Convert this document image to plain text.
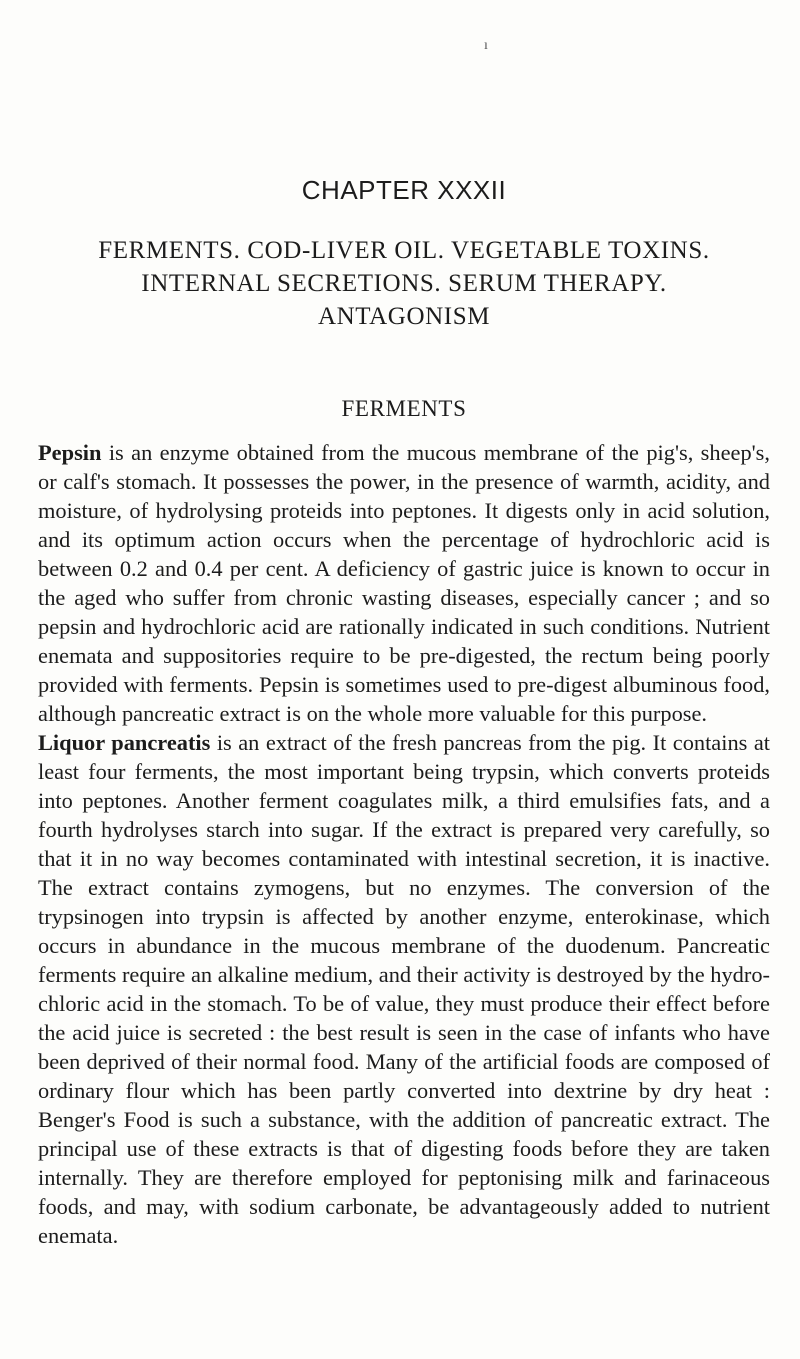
ı
CHAPTER XXXII
FERMENTS. COD-LIVER OIL. VEGETABLE TOXINS.
INTERNAL SECRETIONS. SERUM THERAPY.
ANTAGONISM
FERMENTS

Pepsin is an enzyme obtained from the mucous membrane of the pig's, sheep's, or calf's stomach. It possesses the power, in the presence of warmth, acidity, and moisture, of hydrolysing proteids into peptones. It digests only in acid solution, and its optimum action occurs when the percentage of hydrochloric acid is between 0.2 and 0.4 per cent. A deficiency of gastric juice is known to occur in the aged who suffer from chronic wasting diseases, especially cancer ; and so pepsin and hydrochloric acid are rationally indicated in such conditions. Nutrient enemata and suppositories require to be pre-digested, the rectum being poorly provided with ferments. Pepsin is sometimes used to pre-digest albuminous food, although pancreatic extract is on the whole more valuable for this purpose.

Liquor pancreatis is an extract of the fresh pancreas from the pig. It contains at least four ferments, the most important being trypsin, which converts proteids into peptones. Another ferment coagulates milk, a third emulsifies fats, and a fourth hydrolyses starch into sugar. If the extract is prepared very carefully, so that it in no way becomes contaminated with intestinal secretion, it is inactive. The extract contains zymogens, but no enzymes. The conversion of the trypsinogen into trypsin is affected by another enzyme, enterokinase, which occurs in abundance in the mucous membrane of the duodenum. Pancreatic ferments require an alkaline medium, and their activity is destroyed by the hydrochloric acid in the stomach. To be of value, they must produce their effect before the acid juice is secreted : the best result is seen in the case of infants who have been deprived of their normal food. Many of the artificial foods are composed of ordinary flour which has been partly converted into dextrine by dry heat : Benger's Food is such a substance, with the addition of pancreatic extract. The principal use of these extracts is that of digesting foods before they are taken internally. They are therefore employed for peptonising milk and farinaceous foods, and may, with sodium carbonate, be advantageously added to nutrient enemata.
